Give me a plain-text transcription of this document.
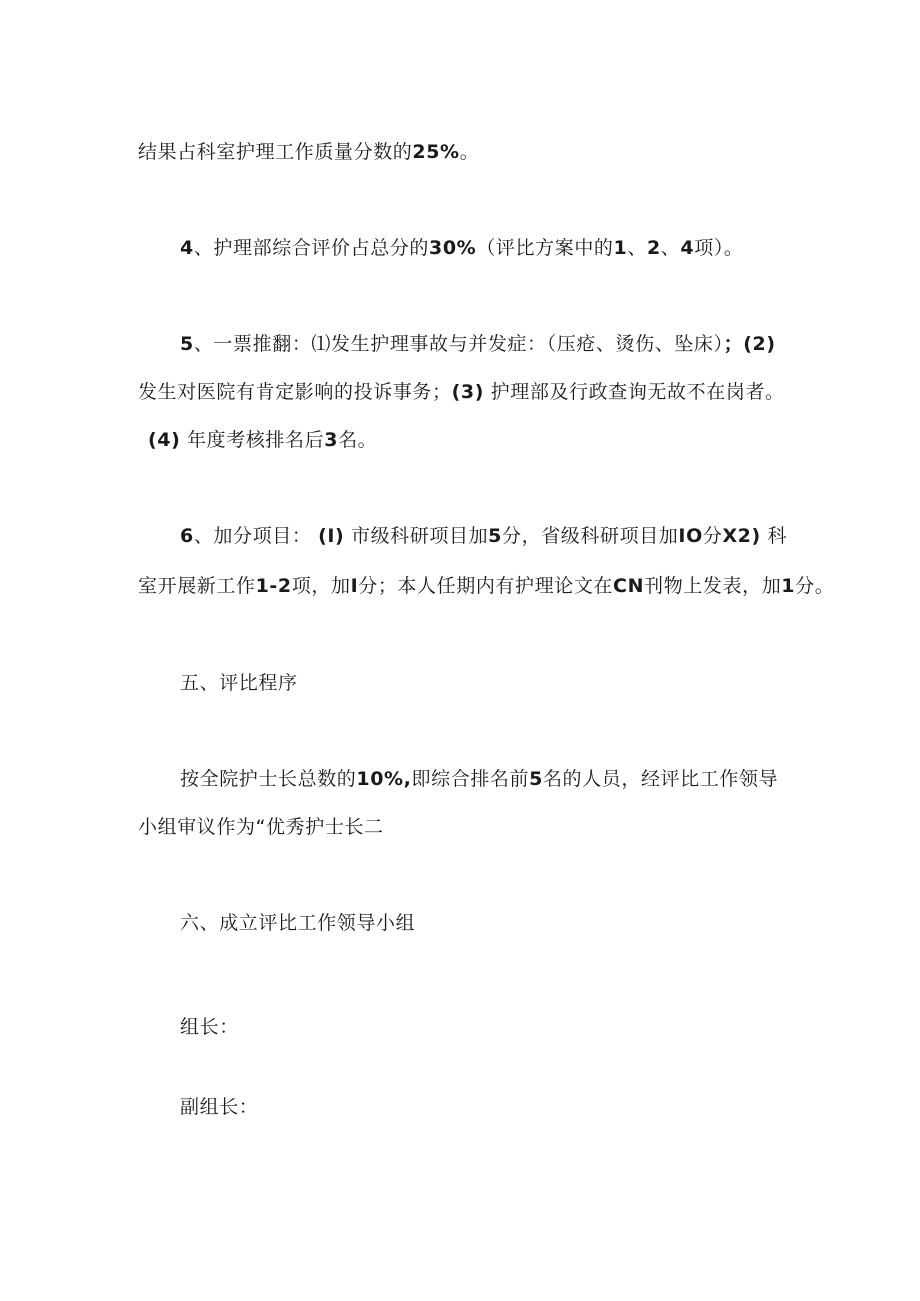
结果占科室护理工作质量分数的25%。
4、护理部综合评价占总分的30%（评比方案中的1、2、4项）。
5、一票推翻：⑴发生护理事故与并发症：（压疮、烫伤、坠床）；(2)
发生对医院有肯定影响的投诉事务；(3) 护理部及行政查询无故不在岗者。
(4) 年度考核排名后3名。
6、加分项目： (I) 市级科研项目加5分，省级科研项目加IO分X2) 科
室开展新工作1-2项，加I分；本人任期内有护理论文在CN刊物上发表，加1分。
五、评比程序
按全院护士长总数的10%,即综合排名前5名的人员，经评比工作领导
小组审议作为“优秀护士长二
六、成立评比工作领导小组
组长：
副组长：
